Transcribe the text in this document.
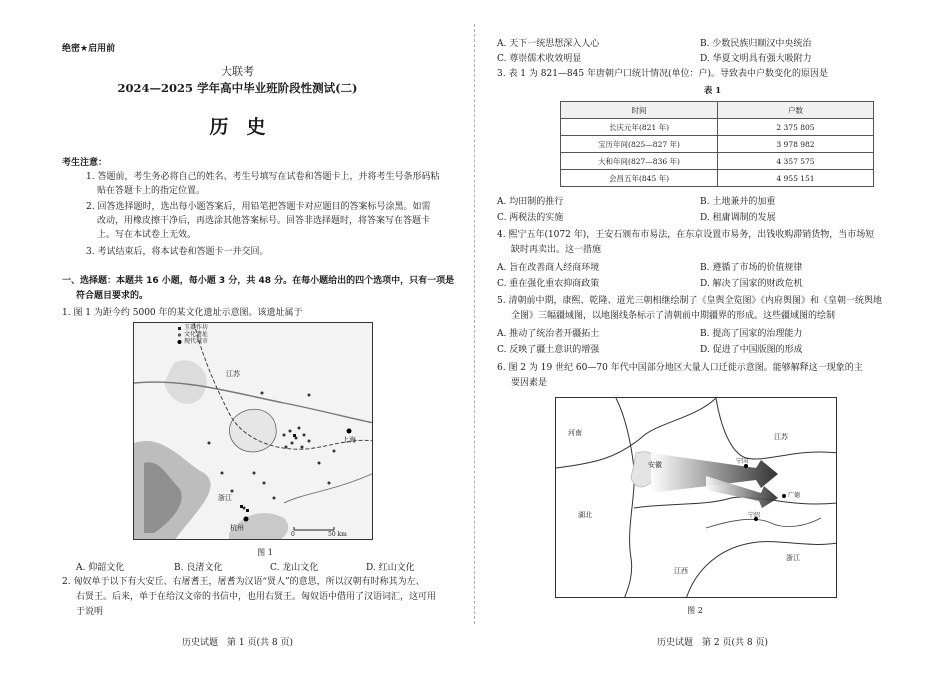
绝密★启用前
大联考
2024—2025 学年高中毕业班阶段性测试(二)
历史
考生注意：
1. 答题前，考生务必将自己的姓名、考生号填写在试卷和答题卡上，并将考生号条形码粘
贴在答题卡上的指定位置。
2. 回答选择题时，选出每小题答案后，用铅笔把答题卡对应题目的答案标号涂黑。如需
改动，用橡皮擦干净后，再选涂其他答案标号。回答非选择题时，将答案写在答题卡
上。写在本试卷上无效。
3. 考试结束后，将本试卷和答题卡一并交回。
一、选择题：本题共 16 小题，每小题 3 分，共 48 分。在每小题给出的四个选项中，只有一项是
符合题目要求的。
1. 图 1 为距今约 5000 年的某文化遗址示意图。该遗址属于
玉器作坊
文化遗址
现代城市
江苏
上海
浙江
杭州
0	50 km
图 1
A. 仰韶文化	B. 良渚文化	C. 龙山文化	D. 红山文化
2. 匈奴单于以下有大安丘、右屠耆王，屠耆为汉语“贤人”的意思，所以汉朝有时称其为左、
右贤王。后来，单于在给汉文帝的书信中，也用右贤王。匈奴语中借用了汉语词汇，这可用
于说明
历史试题　第 1 页(共 8 页)
A. 天下一统思想深入人心	B. 少数民族归顺汉中央统治
C. 尊崇儒术收效明显	D. 华夏文明具有强大吸附力
3. 表 1 为 821—845 年唐朝户口统计情况(单位：户)。导致表中户数变化的原因是
表 1
时间	户数
长庆元年(821 年)	2 375 805
宝历年间(825—827 年)	3 978 982
大和年间(827—836 年)	4 357 575
会昌五年(845 年)	4 955 151
A. 均田制的推行	B. 土地兼并的加重
C. 两税法的实施	D. 租庸调制的发展
4. 熙宁五年(1072 年)，王安石颁布市易法，在东京设置市易务，出钱收购滞销货物，当市场短
缺时再卖出。这一措施
A. 旨在改善商人经商环境	B. 遵循了市场的价值规律
C. 重在强化重农抑商政策	D. 解决了国家的财政危机
5. 清朝前中期，康熙、乾隆、道光三朝相继绘制了《皇舆全览图》《内府舆图》和《皇朝一统舆地
全图》三幅疆域图，以地图线条标示了清朝前中期疆界的形成。这些疆域图的绘制
A. 推动了统治者开疆拓土	B. 提高了国家的治理能力
C. 反映了疆土意识的增强	D. 促进了中国版图的形成
6. 图 2 为 19 世纪 60—70 年代中国部分地区大量人口迁徙示意图。能够解释这一现象的主
要因素是
河南	江苏
安徽
湖北
江西
浙江
宁国
广德
宁绍
图 2
历史试题　第 2 页(共 8 页)
